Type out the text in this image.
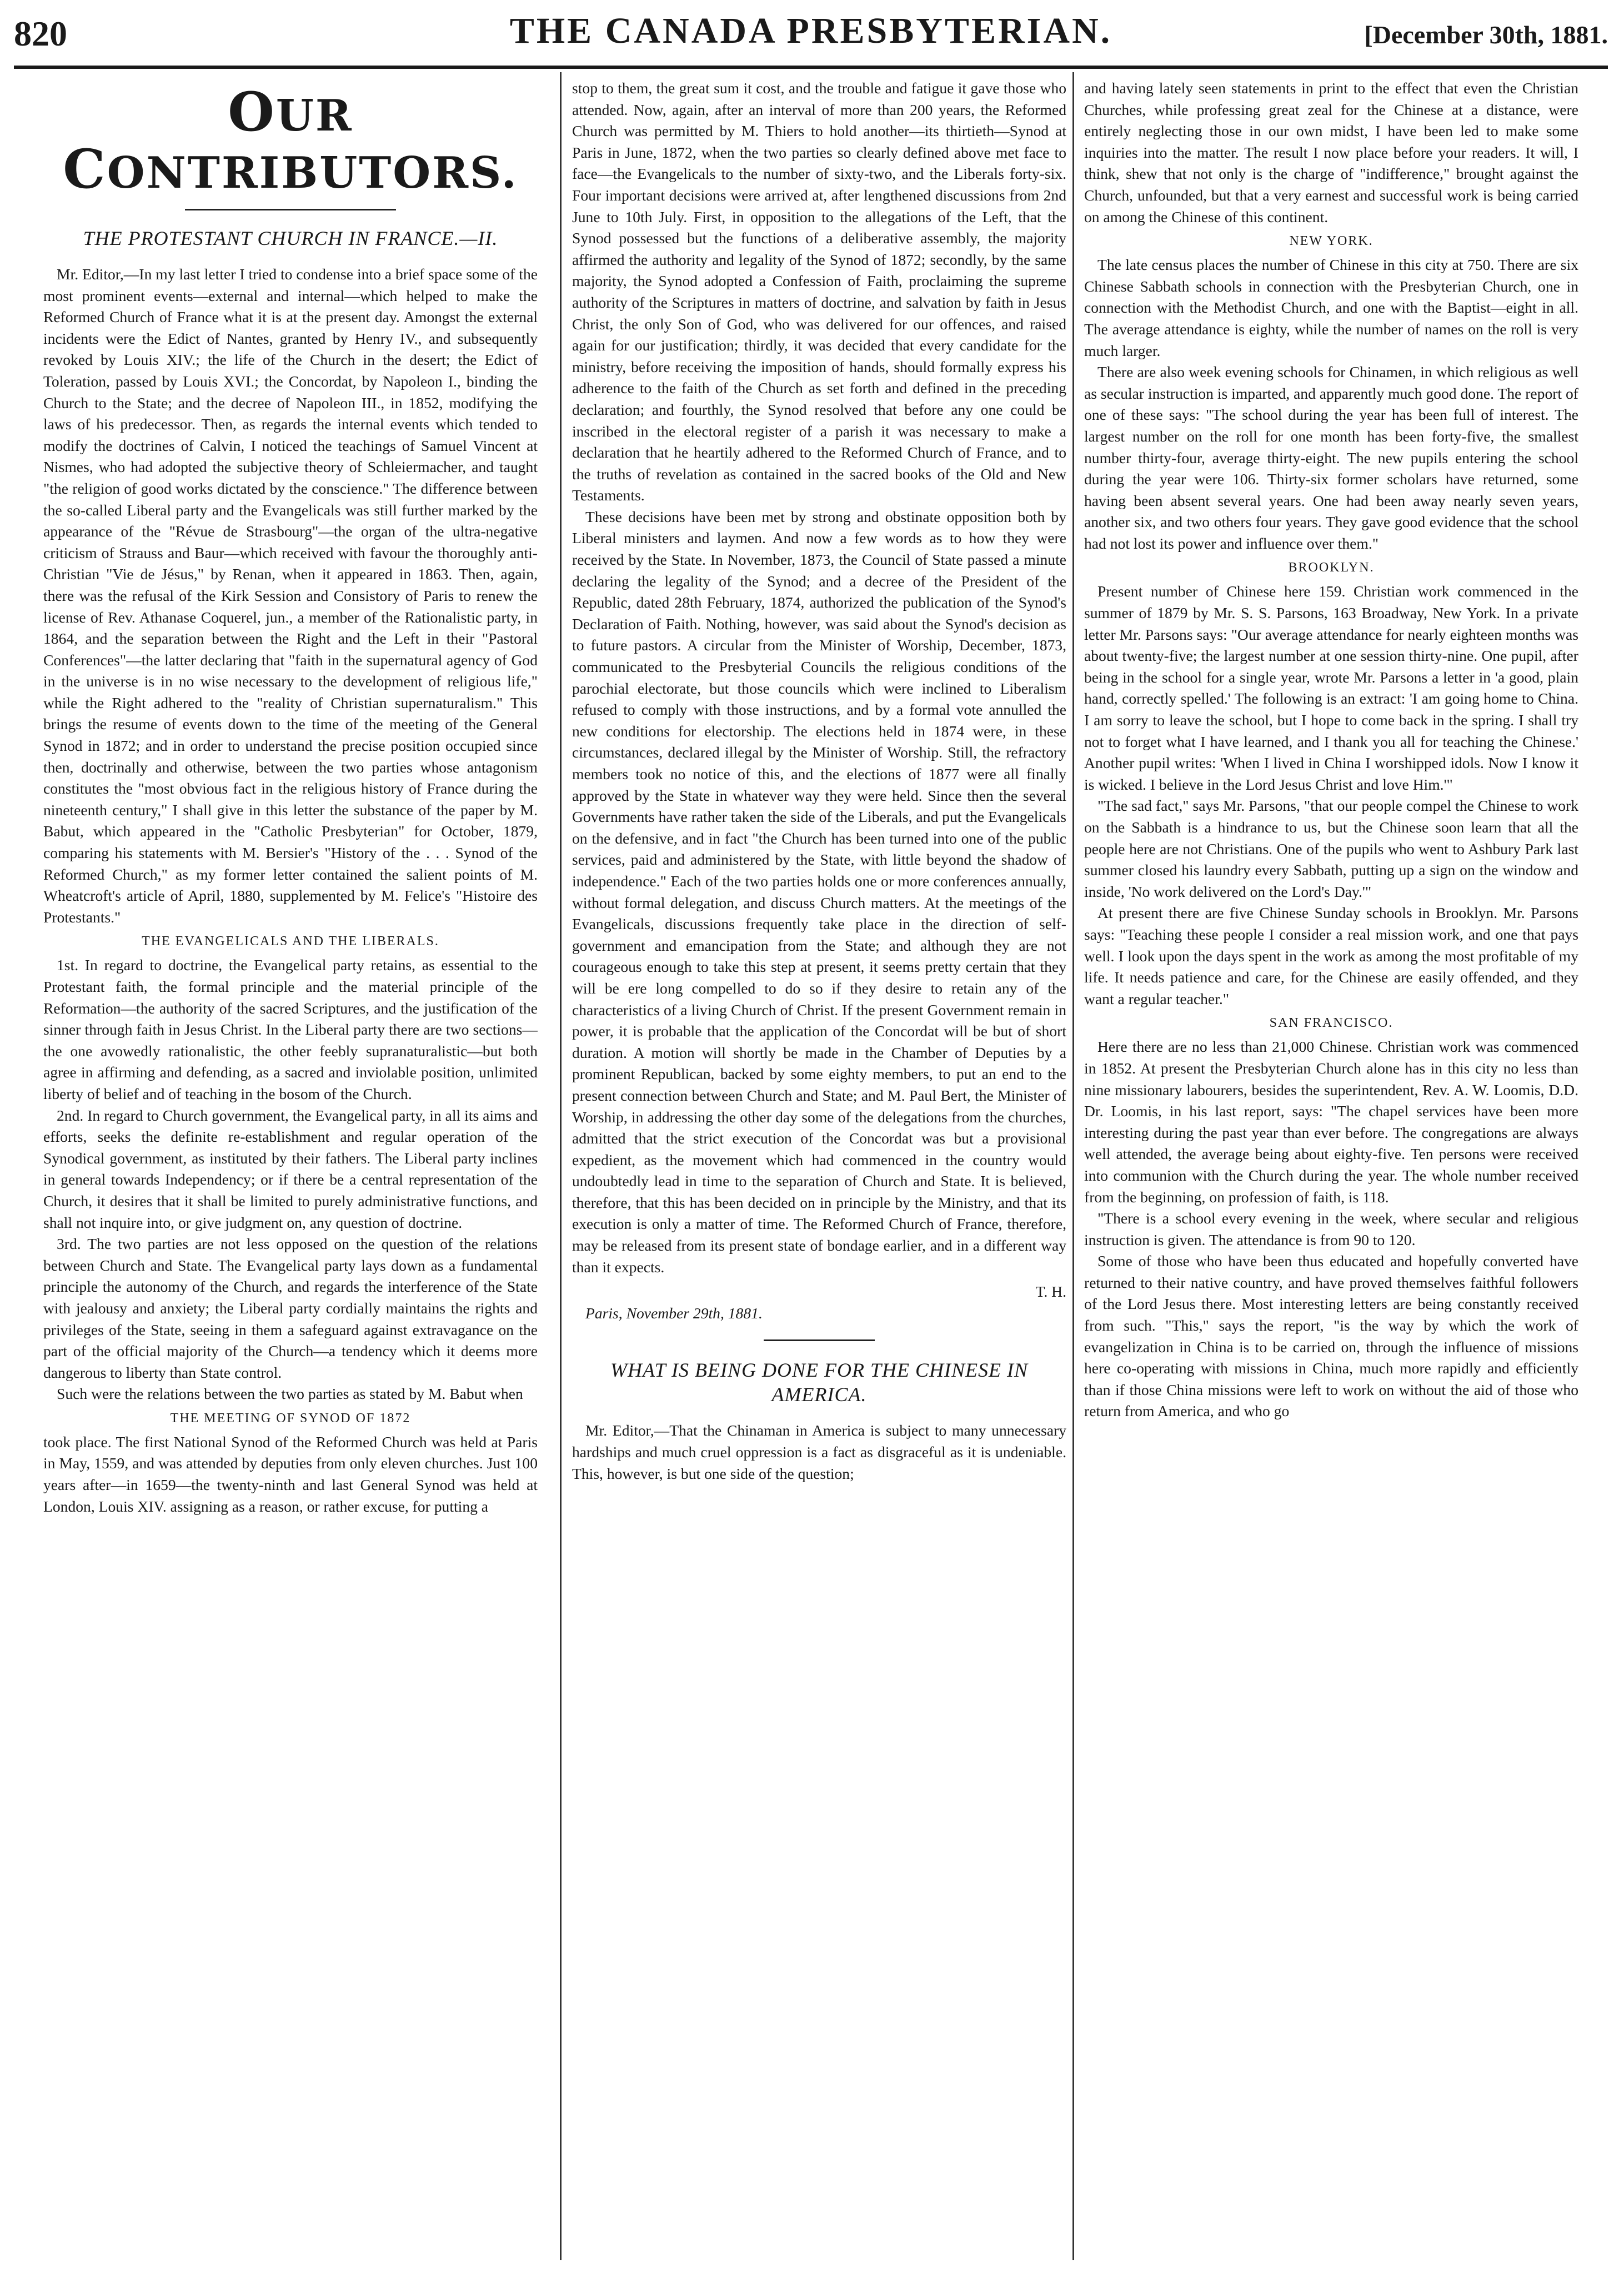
820	THE CANADA PRESBYTERIAN.	[December 30th, 1881.
OUR CONTRIBUTORS.
THE PROTESTANT CHURCH IN FRANCE.—II.

Mr. Editor,—In my last letter I tried to condense into a brief space some of the most prominent events—external and internal—which helped to make the Reformed Church of France what it is at the present day. Amongst the external incidents were the Edict of Nantes, granted by Henry IV., and subsequently revoked by Louis XIV.; the life of the Church in the desert; the Edict of Toleration, passed by Louis XVI.; the Concordat, by Napoleon I., binding the Church to the State; and the decree of Napoleon III., in 1852, modifying the laws of his predecessor. Then, as regards the internal events which tended to modify the doctrines of Calvin, I noticed the teachings of Samuel Vincent at Nismes, who had adopted the subjective theory of Schleiermacher, and taught "the religion of good works dictated by the conscience." The difference between the so-called Liberal party and the Evangelicals was still further marked by the appearance of the "Révue de Strasbourg"—the organ of the ultra-negative criticism of Strauss and Baur—which received with favour the thoroughly anti-Christian "Vie de Jésus," by Renan, when it appeared in 1863. Then, again, there was the refusal of the Kirk Session and Consistory of Paris to renew the license of Rev. Athanase Coquerel, jun., a member of the Rationalistic party, in 1864, and the separation between the Right and the Left in their "Pastoral Conferences"—the latter declaring that "faith in the supernatural agency of God in the universe is in no wise necessary to the development of religious life," while the Right adhered to the "reality of Christian supernaturalism." This brings the resume of events down to the time of the meeting of the General Synod in 1872; and in order to understand the precise position occupied since then, doctrinally and otherwise, between the two parties whose antagonism constitutes the "most obvious fact in the religious history of France during the nineteenth century," I shall give in this letter the substance of the paper by M. Babut, which appeared in the "Catholic Presbyterian" for October, 1879, comparing his statements with M. Bersier's "History of the . . . Synod of the Reformed Church," as my former letter contained the salient points of M. Wheatcroft's article of April, 1880, supplemented by M. Felice's "Histoire des Protestants."

THE EVANGELICALS AND THE LIBERALS.

1st. In regard to doctrine, the Evangelical party retains, as essential to the Protestant faith, the formal principle and the material principle of the Reformation—the authority of the sacred Scriptures, and the justification of the sinner through faith in Jesus Christ. In the Liberal party there are two sections—the one avowedly rationalistic, the other feebly supranaturalistic—but both agree in affirming and defending, as a sacred and inviolable position, unlimited liberty of belief and of teaching in the bosom of the Church.

2nd. In regard to Church government, the Evangelical party, in all its aims and efforts, seeks the definite re-establishment and regular operation of the Synodical government, as instituted by their fathers. The Liberal party inclines in general towards Independency; or if there be a central representation of the Church, it desires that it shall be limited to purely administrative functions, and shall not inquire into, or give judgment on, any question of doctrine.

3rd. The two parties are not less opposed on the question of the relations between Church and State. The Evangelical party lays down as a fundamental principle the autonomy of the Church, and regards the interference of the State with jealousy and anxiety; the Liberal party cordially maintains the rights and privileges of the State, seeing in them a safeguard against extravagance on the part of the official majority of the Church—a tendency which it deems more dangerous to liberty than State control.

Such were the relations between the two parties as stated by M. Babut when

THE MEETING OF SYNOD OF 1872

took place. The first National Synod of the Reformed Church was held at Paris in May, 1559, and was attended by deputies from only eleven churches. Just 100 years after—in 1659—the twenty-ninth and last General Synod was held at London, Louis XIV. assigning as a reason, or rather excuse, for putting a

stop to them, the great sum it cost, and the trouble and fatigue it gave those who attended. Now, again, after an interval of more than 200 years, the Reformed Church was permitted by M. Thiers to hold another—its thirtieth—Synod at Paris in June, 1872, when the two parties so clearly defined above met face to face—the Evangelicals to the number of sixty-two, and the Liberals forty-six. Four important decisions were arrived at, after lengthened discussions from 2nd June to 10th July. First, in opposition to the allegations of the Left, that the Synod possessed but the functions of a deliberative assembly, the majority affirmed the authority and legality of the Synod of 1872; secondly, by the same majority, the Synod adopted a Confession of Faith, proclaiming the supreme authority of the Scriptures in matters of doctrine, and salvation by faith in Jesus Christ, the only Son of God, who was delivered for our offences, and raised again for our justification; thirdly, it was decided that every candidate for the ministry, before receiving the imposition of hands, should formally express his adherence to the faith of the Church as set forth and defined in the preceding declaration; and fourthly, the Synod resolved that before any one could be inscribed in the electoral register of a parish it was necessary to make a declaration that he heartily adhered to the Reformed Church of France, and to the truths of revelation as contained in the sacred books of the Old and New Testaments.

These decisions have been met by strong and obstinate opposition both by Liberal ministers and laymen. And now a few words as to how they were received by the State. In November, 1873, the Council of State passed a minute declaring the legality of the Synod; and a decree of the President of the Republic, dated 28th February, 1874, authorized the publication of the Synod's Declaration of Faith. Nothing, however, was said about the Synod's decision as to future pastors. A circular from the Minister of Worship, December, 1873, communicated to the Presbyterial Councils the religious conditions of the parochial electorate, but those councils which were inclined to Liberalism refused to comply with those instructions, and by a formal vote annulled the new conditions for electorship. The elections held in 1874 were, in these circumstances, declared illegal by the Minister of Worship. Still, the refractory members took no notice of this, and the elections of 1877 were all finally approved by the State in whatever way they were held. Since then the several Governments have rather taken the side of the Liberals, and put the Evangelicals on the defensive, and in fact "the Church has been turned into one of the public services, paid and administered by the State, with little beyond the shadow of independence." Each of the two parties holds one or more conferences annually, without formal delegation, and discuss Church matters. At the meetings of the Evangelicals, discussions frequently take place in the direction of self-government and emancipation from the State; and although they are not courageous enough to take this step at present, it seems pretty certain that they will be ere long compelled to do so if they desire to retain any of the characteristics of a living Church of Christ. If the present Government remain in power, it is probable that the application of the Concordat will be but of short duration. A motion will shortly be made in the Chamber of Deputies by a prominent Republican, backed by some eighty members, to put an end to the present connection between Church and State; and M. Paul Bert, the Minister of Worship, in addressing the other day some of the delegations from the churches, admitted that the strict execution of the Concordat was but a provisional expedient, as the movement which had commenced in the country would undoubtedly lead in time to the separation of Church and State. It is believed, therefore, that this has been decided on in principle by the Ministry, and that its execution is only a matter of time. The Reformed Church of France, therefore, may be released from its present state of bondage earlier, and in a different way than it expects.

T. H.
Paris, November 29th, 1881.
WHAT IS BEING DONE FOR THE CHINESE IN AMERICA.

Mr. Editor,—That the Chinaman in America is subject to many unnecessary hardships and much cruel oppression is a fact as disgraceful as it is undeniable. This, however, is but one side of the question;

and having lately seen statements in print to the effect that even the Christian Churches, while professing great zeal for the Chinese at a distance, were entirely neglecting those in our own midst, I have been led to make some inquiries into the matter. The result I now place before your readers. It will, I think, shew that not only is the charge of "indifference," brought against the Church, unfounded, but that a very earnest and successful work is being carried on among the Chinese of this continent.

NEW YORK.

The late census places the number of Chinese in this city at 750. There are six Chinese Sabbath schools in connection with the Presbyterian Church, one in connection with the Methodist Church, and one with the Baptist—eight in all. The average attendance is eighty, while the number of names on the roll is very much larger.

There are also week evening schools for Chinamen, in which religious as well as secular instruction is imparted, and apparently much good done. The report of one of these says: "The school during the year has been full of interest. The largest number on the roll for one month has been forty-five, the smallest number thirty-four, average thirty-eight. The new pupils entering the school during the year were 106. Thirty-six former scholars have returned, some having been absent several years. One had been away nearly seven years, another six, and two others four years. They gave good evidence that the school had not lost its power and influence over them."

BROOKLYN.

Present number of Chinese here 159. Christian work commenced in the summer of 1879 by Mr. S. S. Parsons, 163 Broadway, New York. In a private letter Mr. Parsons says: "Our average attendance for nearly eighteen months was about twenty-five; the largest number at one session thirty-nine. One pupil, after being in the school for a single year, wrote Mr. Parsons a letter in 'a good, plain hand, correctly spelled.' The following is an extract: 'I am going home to China. I am sorry to leave the school, but I hope to come back in the spring. I shall try not to forget what I have learned, and I thank you all for teaching the Chinese.' Another pupil writes: 'When I lived in China I worshipped idols. Now I know it is wicked. I believe in the Lord Jesus Christ and love Him.'"

"The sad fact," says Mr. Parsons, "that our people compel the Chinese to work on the Sabbath is a hindrance to us, but the Chinese soon learn that all the people here are not Christians. One of the pupils who went to Ashbury Park last summer closed his laundry every Sabbath, putting up a sign on the window and inside, 'No work delivered on the Lord's Day.'"

At present there are five Chinese Sunday schools in Brooklyn. Mr. Parsons says: "Teaching these people I consider a real mission work, and one that pays well. I look upon the days spent in the work as among the most profitable of my life. It needs patience and care, for the Chinese are easily offended, and they want a regular teacher."

SAN FRANCISCO.

Here there are no less than 21,000 Chinese. Christian work was commenced in 1852. At present the Presbyterian Church alone has in this city no less than nine missionary labourers, besides the superintendent, Rev. A. W. Loomis, D.D. Dr. Loomis, in his last report, says: "The chapel services have been more interesting during the past year than ever before. The congregations are always well attended, the average being about eighty-five. Ten persons were received into communion with the Church during the year. The whole number received from the beginning, on profession of faith, is 118.

"There is a school every evening in the week, where secular and religious instruction is given. The attendance is from 90 to 120.

Some of those who have been thus educated and hopefully converted have returned to their native country, and have proved themselves faithful followers of the Lord Jesus there. Most interesting letters are being constantly received from such. "This," says the report, "is the way by which the work of evangelization in China is to be carried on, through the influence of missions here co-operating with missions in China, much more rapidly and efficiently than if those China missions were left to work on without the aid of those who return from America, and who go
